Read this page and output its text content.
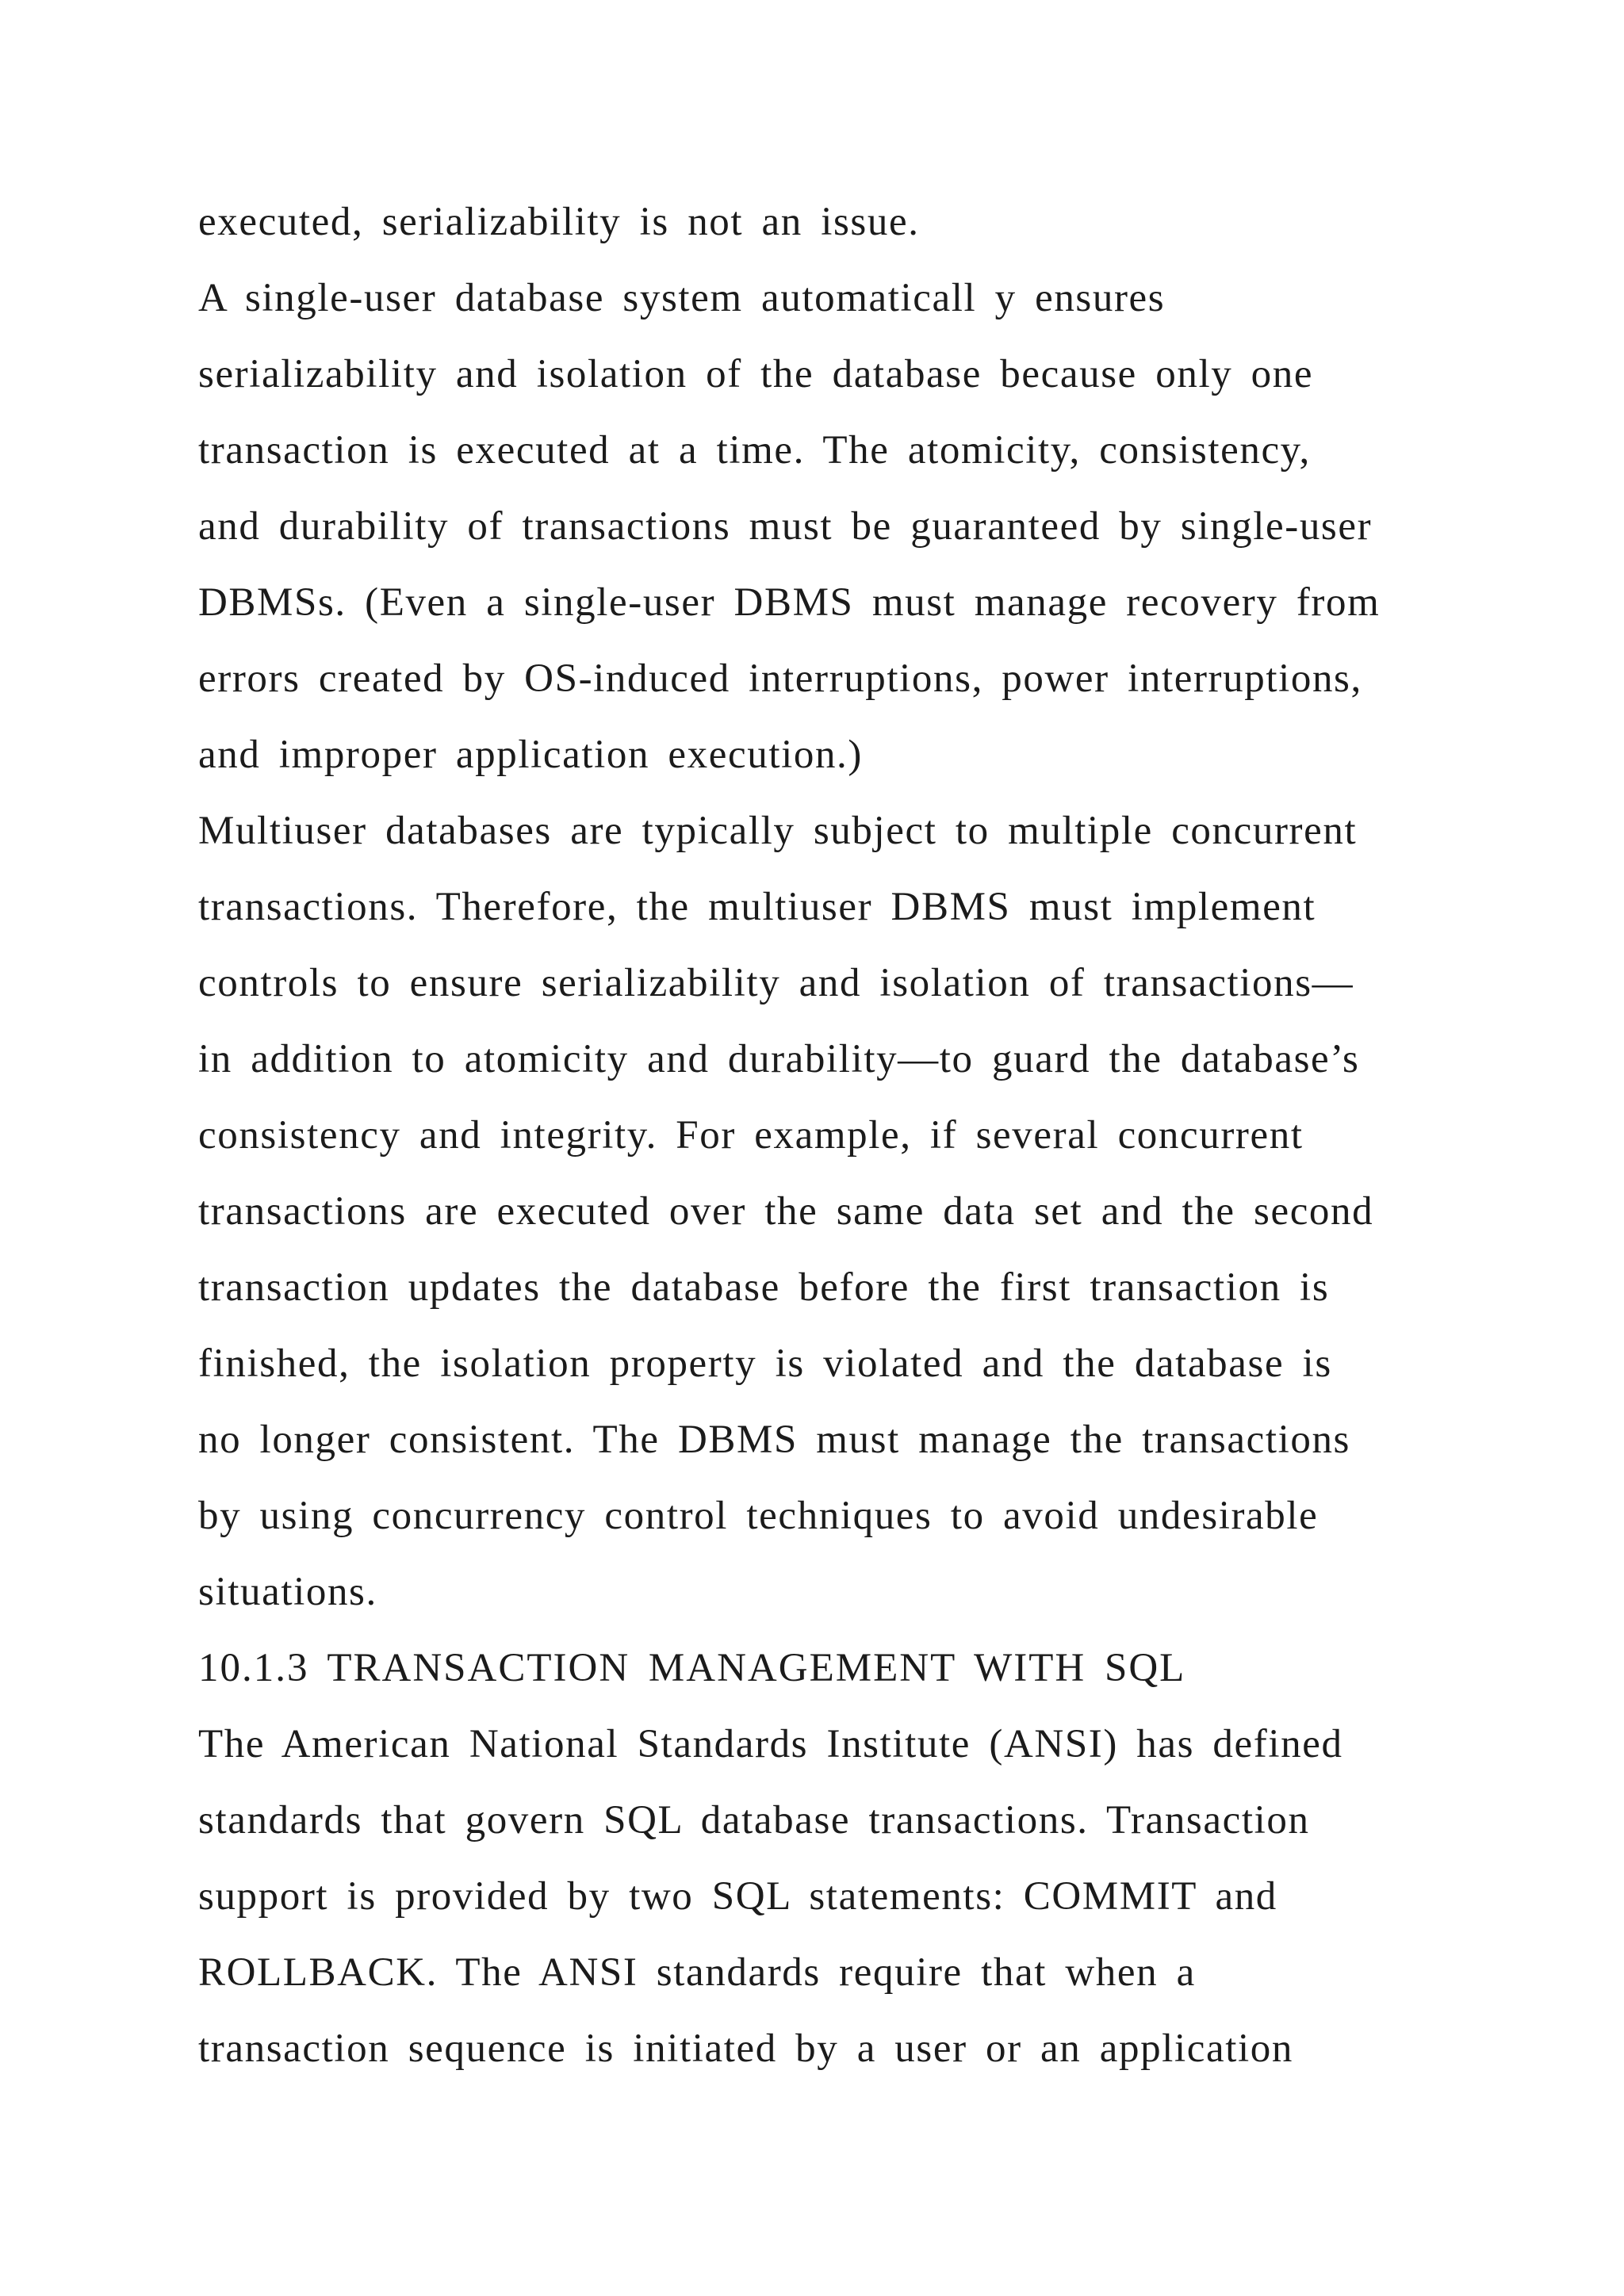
executed, serializability is not an issue.

A single-user database system automaticall y ensures

serializability and isolation of the database because only one

transaction is executed at a time. The atomicity, consistency,

and durability of transactions must be guaranteed by single-user

DBMSs. (Even a single-user DBMS must manage recovery from

errors created by OS-induced interruptions, power interruptions,

and improper application execution.)

Multiuser databases are typically subject to multiple concurrent

transactions. Therefore, the multiuser DBMS must implement

controls to ensure serializability and isolation of transactions—

in addition to atomicity and durability—to guard the database’s

consistency and integrity. For example, if several concurrent

transactions are executed over the same data set and the second

transaction updates the database before the first transaction is

finished, the isolation property is violated and the database is

no longer consistent. The DBMS must manage the transactions

by using concurrency control techniques to avoid undesirable

situations.

10.1.3 TRANSACTION MANAGEMENT WITH SQL

The American National Standards Institute (ANSI) has defined

standards that govern SQL database transactions. Transaction

support is provided by two SQL statements: COMMIT and

ROLLBACK. The ANSI standards require that when a

transaction sequence is initiated by a user or an application
